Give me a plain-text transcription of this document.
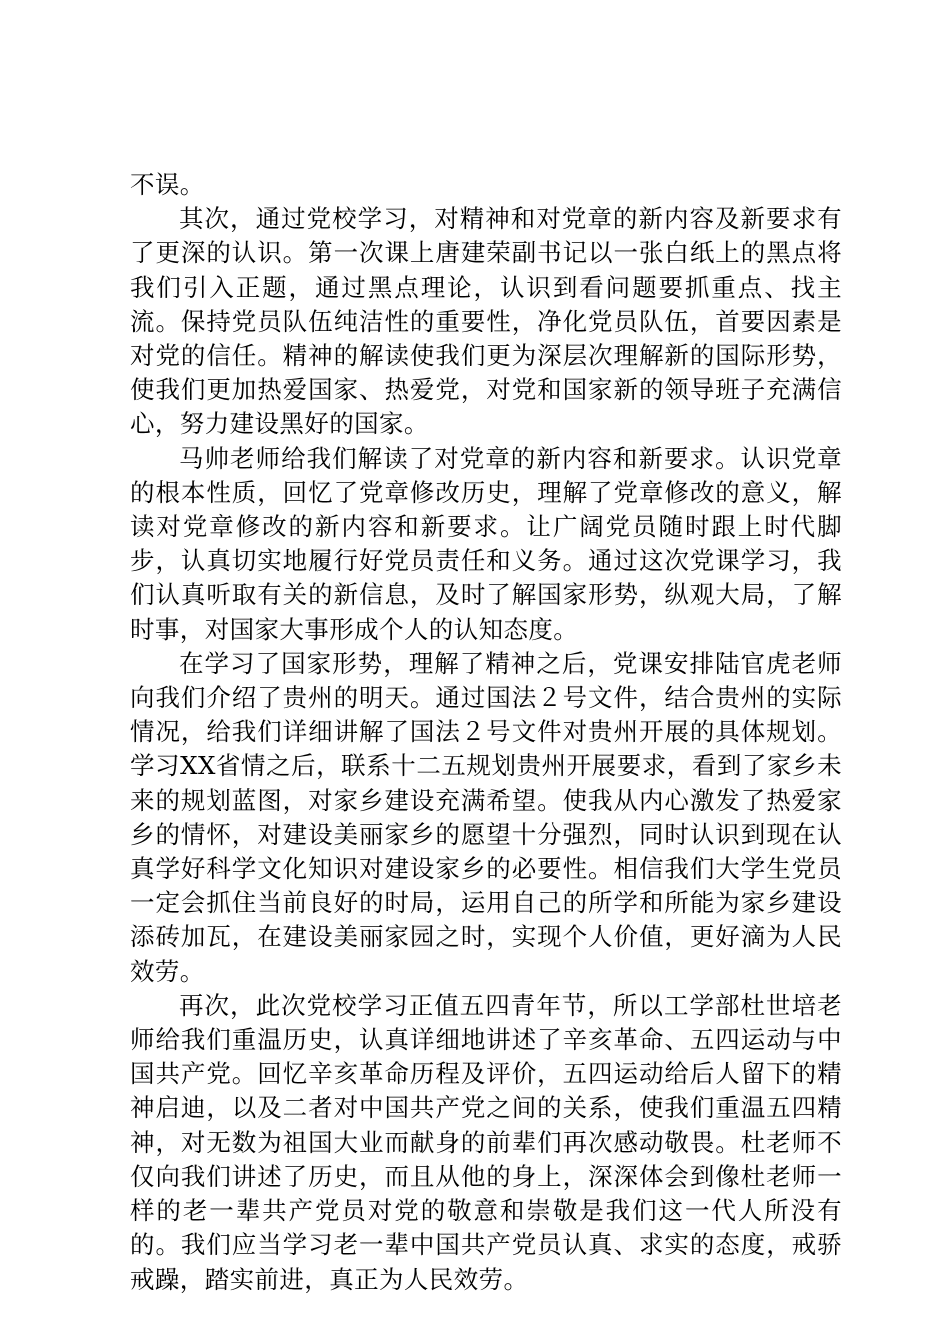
不误。

其次，通过党校学习，对精神和对党章的新内容及新要求有了更深的认识。第一次课上唐建荣副书记以一张白纸上的黑点将我们引入正题，通过黑点理论，认识到看问题要抓重点、找主流。保持党员队伍纯洁性的重要性，净化党员队伍，首要因素是对党的信任。精神的解读使我们更为深层次理解新的国际形势，使我们更加热爱国家、热爱党，对党和国家新的领导班子充满信心，努力建设黑好的国家。

马帅老师给我们解读了对党章的新内容和新要求。认识党章的根本性质，回忆了党章修改历史，理解了党章修改的意义，解读对党章修改的新内容和新要求。让广阔党员随时跟上时代脚步，认真切实地履行好党员责任和义务。通过这次党课学习，我们认真听取有关的新信息，及时了解国家形势，纵观大局，了解时事，对国家大事形成个人的认知态度。

在学习了国家形势，理解了精神之后，党课安排陆官虎老师向我们介绍了贵州的明天。通过国法２号文件，结合贵州的实际情况，给我们详细讲解了国法２号文件对贵州开展的具体规划。学习XX省情之后，联系十二五规划贵州开展要求，看到了家乡未来的规划蓝图，对家乡建设充满希望。使我从内心激发了热爱家乡的情怀，对建设美丽家乡的愿望十分强烈，同时认识到现在认真学好科学文化知识对建设家乡的必要性。相信我们大学生党员一定会抓住当前良好的时局，运用自己的所学和所能为家乡建设添砖加瓦，在建设美丽家园之时，实现个人价值，更好滴为人民效劳。

再次，此次党校学习正值五四青年节，所以工学部杜世培老师给我们重温历史，认真详细地讲述了辛亥革命、五四运动与中国共产党。回忆辛亥革命历程及评价，五四运动给后人留下的精神启迪，以及二者对中国共产党之间的关系，使我们重温五四精神，对无数为祖国大业而献身的前辈们再次感动敬畏。杜老师不仅向我们讲述了历史，而且从他的身上，深深体会到像杜老师一样的老一辈共产党员对党的敬意和崇敬是我们这一代人所没有的。我们应当学习老一辈中国共产党员认真、求实的态度，戒骄戒躁，踏实前进，真正为人民效劳。
